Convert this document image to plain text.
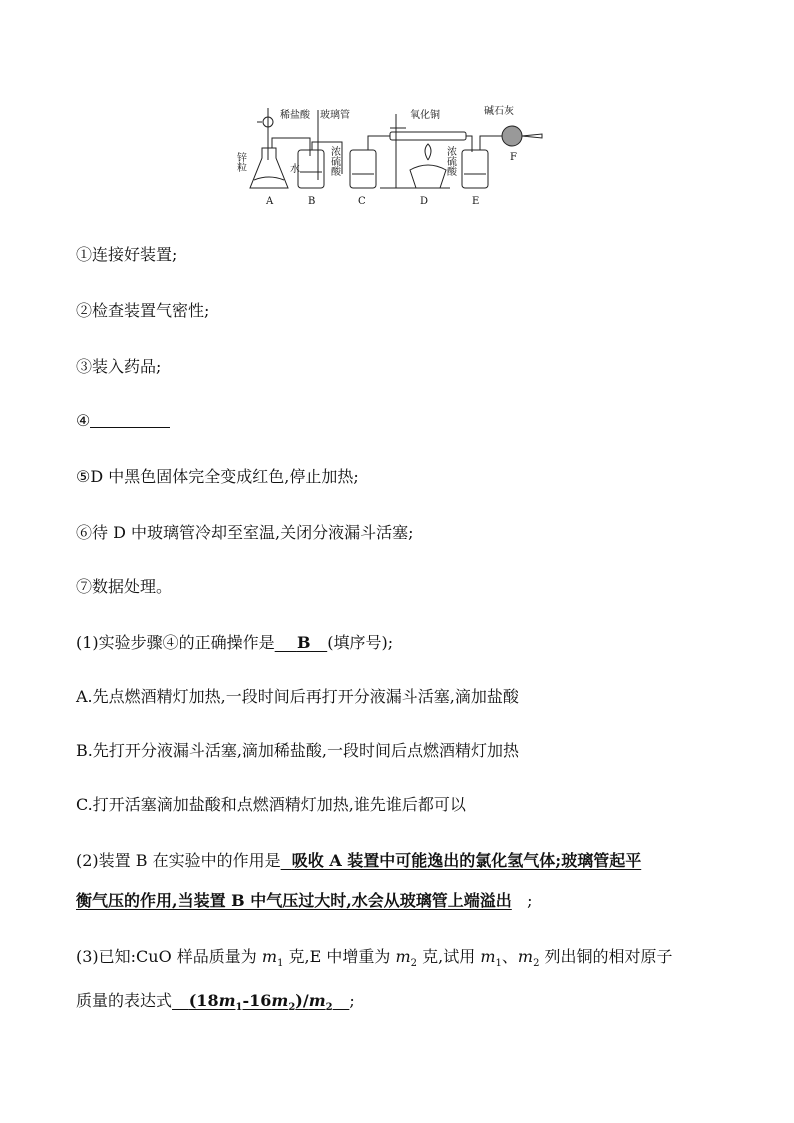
稀盐酸 玻璃管	氧化铜	碱石灰
锌粒	水	浓硫酸	浓硫酸	F
A	B	C	D	E
①连接好装置;
②检查装置气密性;
③装入药品;
④
⑤D 中黑色固体完全变成红色,停止加热;
⑥待 D 中玻璃管冷却至室温,关闭分液漏斗活塞;
⑦数据处理。
(1)实验步骤④的正确操作是 B (填序号);
A.先点燃酒精灯加热,一段时间后再打开分液漏斗活塞,滴加盐酸
B.先打开分液漏斗活塞,滴加稀盐酸,一段时间后点燃酒精灯加热
C.打开活塞滴加盐酸和点燃酒精灯加热,谁先谁后都可以
(2)装置 B 在实验中的作用是 吸收 A 装置中可能逸出的氯化氢气体;玻璃管起平
衡气压的作用,当装置 B 中气压过大时,水会从玻璃管上端溢出 ;
(3)已知:CuO 样品质量为 $m_1$ 克,E 中增重为 $m_2$ 克,试用 $m_1$、$m_2$ 列出铜的相对原子
质量的表达式 $(18m_1-16m_2)/m_2$ ;
